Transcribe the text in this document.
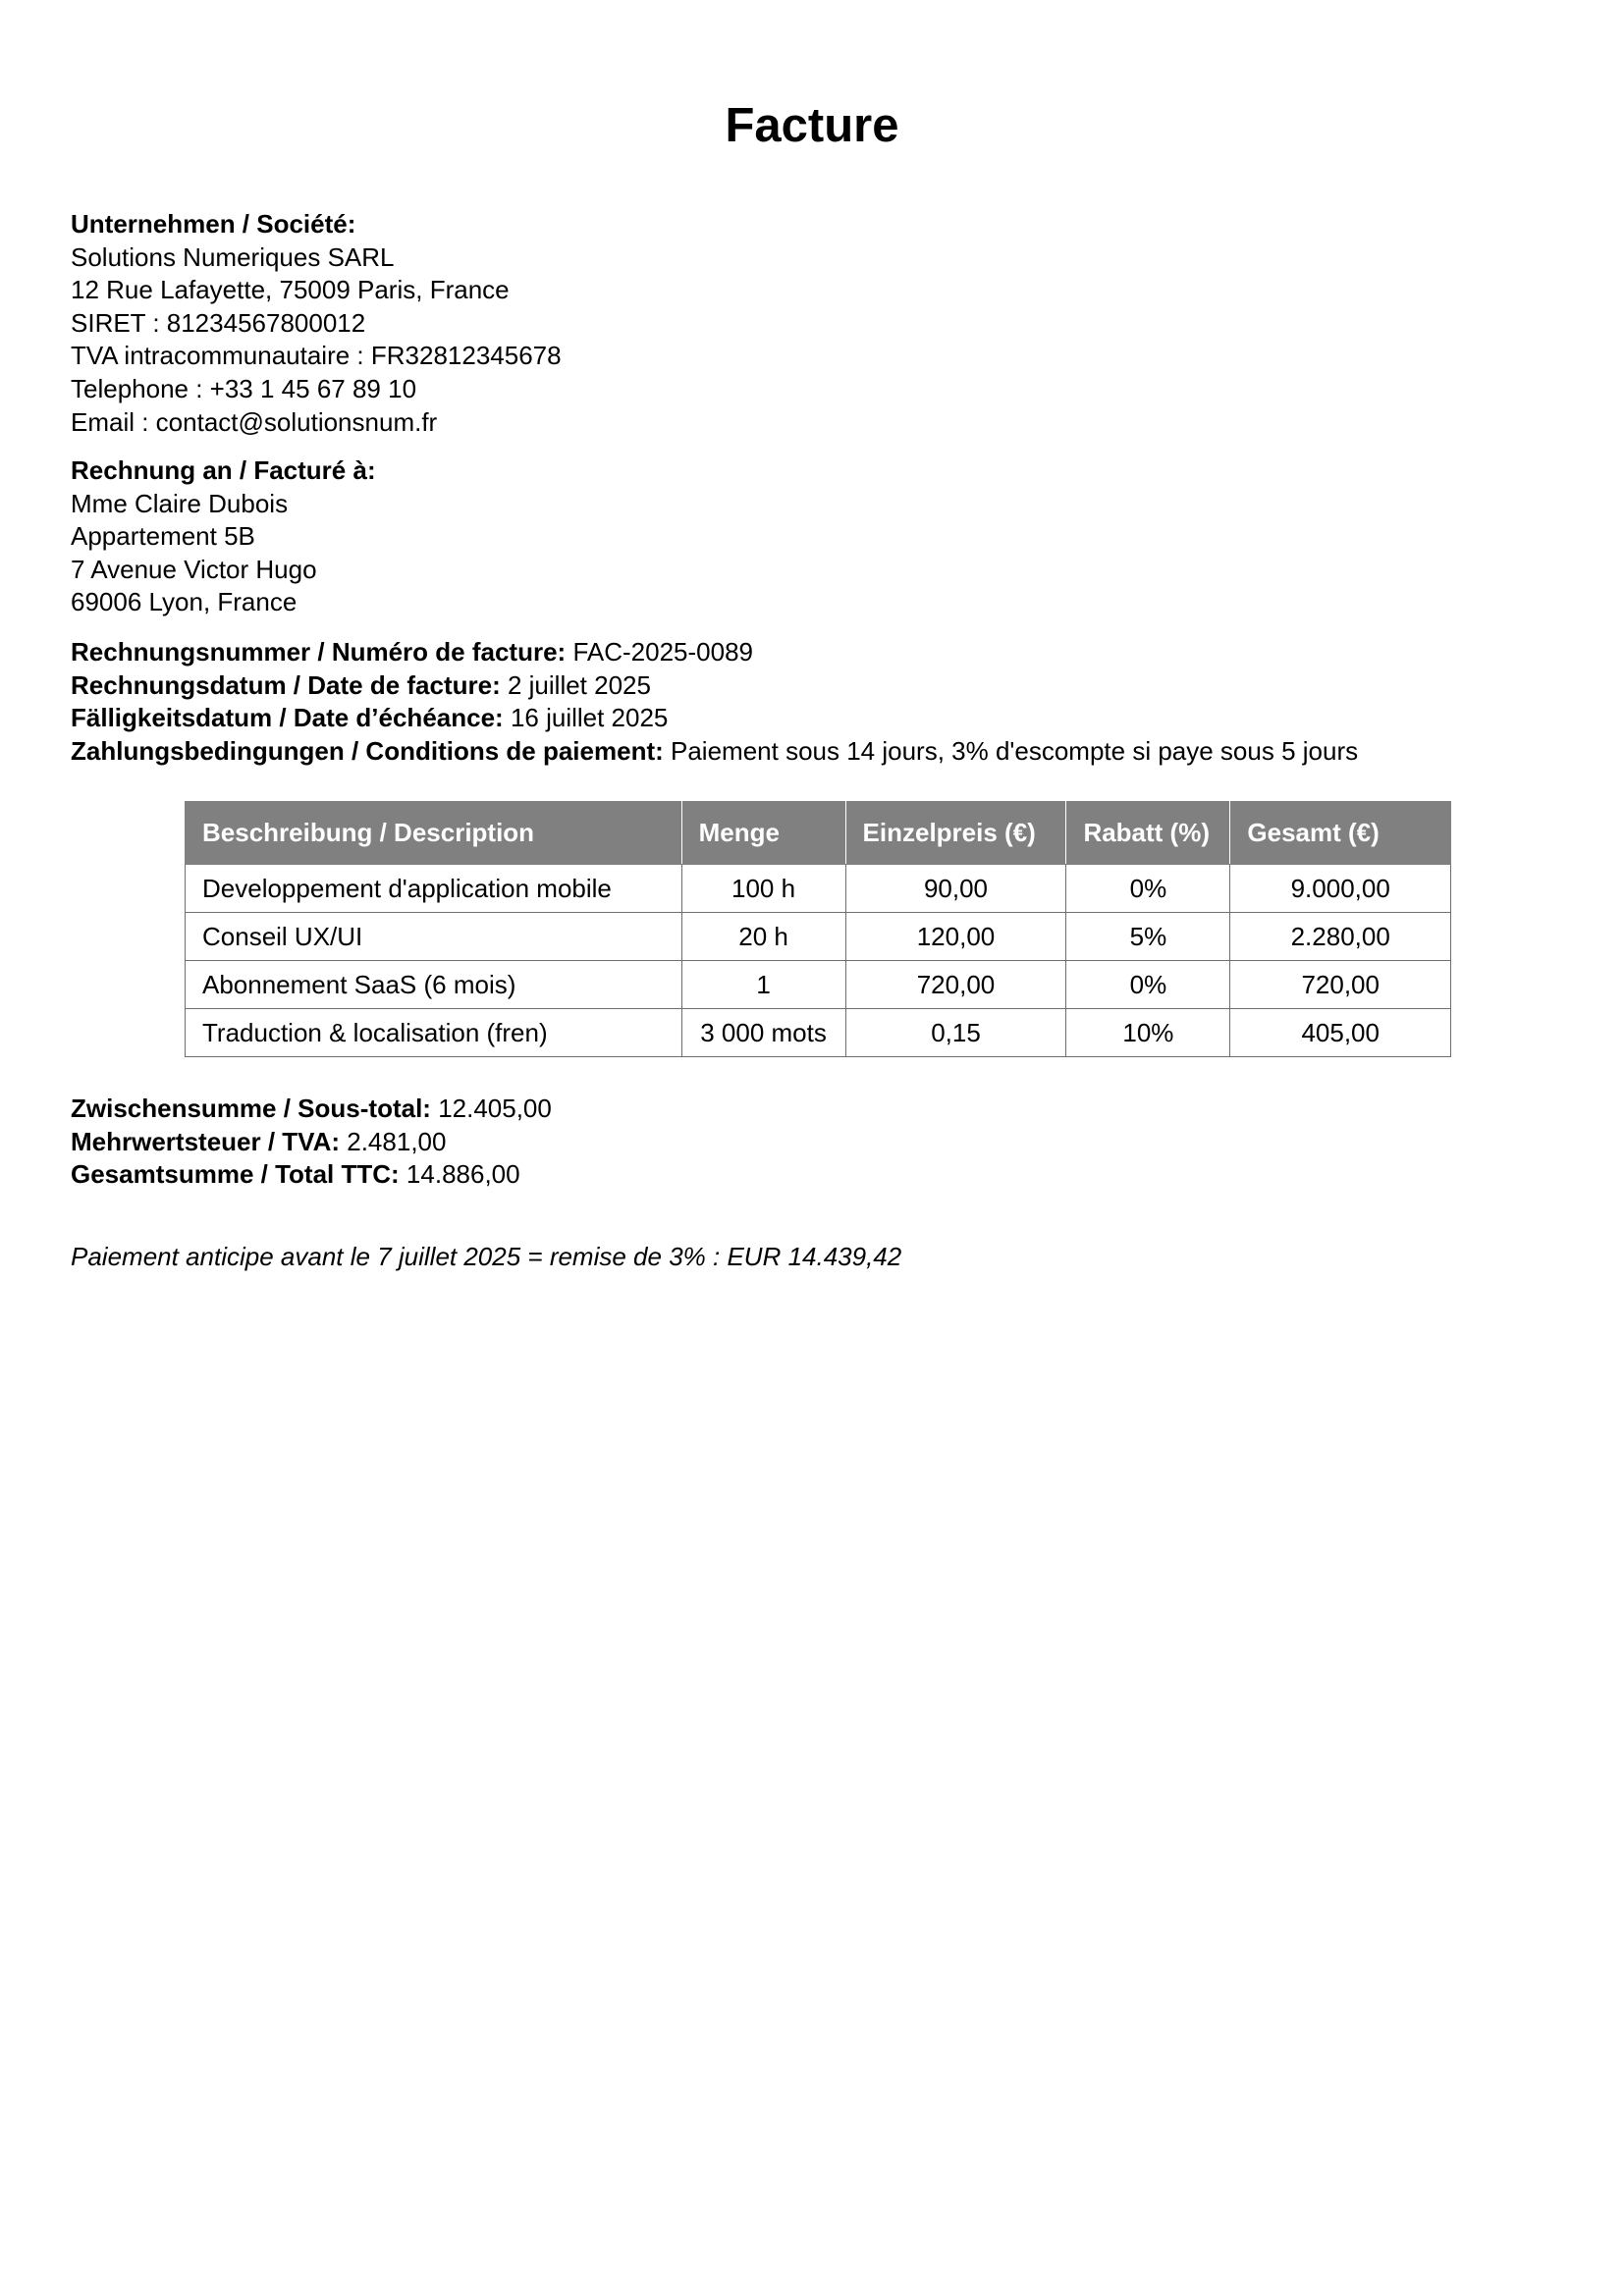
Facture
Unternehmen / Société:
Solutions Numeriques SARL
12 Rue Lafayette, 75009 Paris, France
SIRET : 81234567800012
TVA intracommunautaire : FR32812345678
Telephone : +33 1 45 67 89 10
Email : contact@solutionsnum.fr
Rechnung an / Facturé à:
Mme Claire Dubois
Appartement 5B
7 Avenue Victor Hugo
69006 Lyon, France
Rechnungsnummer / Numéro de facture: FAC-2025-0089
Rechnungsdatum / Date de facture: 2 juillet 2025
Fälligkeitsdatum / Date d’échéance: 16 juillet 2025
Zahlungsbedingungen / Conditions de paiement: Paiement sous 14 jours, 3% d'escompte si paye sous 5 jours
Beschreibung / Description	Menge	Einzelpreis (€)	Rabatt (%)	Gesamt (€)
Developpement d'application mobile	100 h	90,00	0%	9.000,00
Conseil UX/UI	20 h	120,00	5%	2.280,00
Abonnement SaaS (6 mois)	1	720,00	0%	720,00
Traduction & localisation (fren)	3 000 mots	0,15	10%	405,00
Zwischensumme / Sous-total: 12.405,00
Mehrwertsteuer / TVA: 2.481,00
Gesamtsumme / Total TTC: 14.886,00
Paiement anticipe avant le 7 juillet 2025 = remise de 3% : EUR 14.439,42
